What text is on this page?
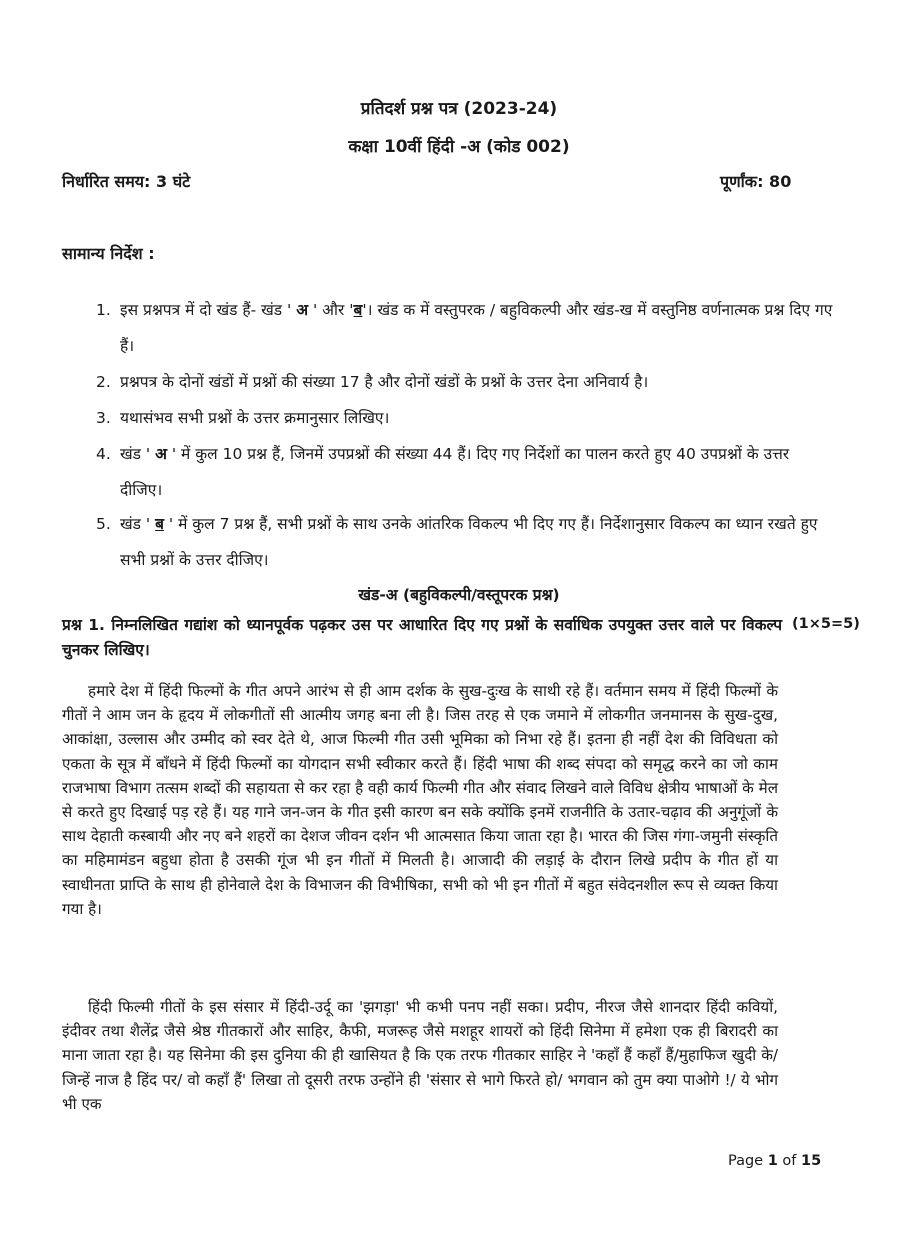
प्रतिदर्श प्रश्न पत्र (2023-24)
कक्षा 10वीं हिंदी -अ (कोड 002)
निर्धारित समय: 3 घंटे	पूर्णांक: 80
सामान्य निर्देश :
1. इस प्रश्नपत्र में दो खंड हैं- खंड ' अ ' और 'ब'। खंड क में वस्तुपरक / बहुविकल्पी और खंड-ख में वस्तुनिष्ठ वर्णनात्मक प्रश्न दिए गए हैं।
2. प्रश्नपत्र के दोनों खंडों में प्रश्नों की संख्या 17 है और दोनों खंडों के प्रश्नों के उत्तर देना अनिवार्य है।
3. यथासंभव सभी प्रश्नों के उत्तर क्रमानुसार लिखिए।
4. खंड ' अ ' में कुल 10 प्रश्न हैं, जिनमें उपप्रश्नों की संख्या 44 हैं। दिए गए निर्देशों का पालन करते हुए 40 उपप्रश्नों के उत्तर दीजिए।
5. खंड ' ब ' में कुल 7 प्रश्न हैं, सभी प्रश्नों के साथ उनके आंतरिक विकल्प भी दिए गए हैं। निर्देशानुसार विकल्प का ध्यान रखते हुए सभी प्रश्नों के उत्तर दीजिए।
खंड-अ (बहुविकल्पी/वस्तूपरक प्रश्न)
प्रश्न 1. निम्नलिखित गद्यांश को ध्यानपूर्वक पढ़कर उस पर आधारित दिए गए प्रश्नों के सर्वाधिक उपयुक्त उत्तर वाले पर विकल्प चुनकर लिखिए।
(1×5=5)
हमारे देश में हिंदी फिल्मों के गीत अपने आरंभ से ही आम दर्शक के सुख-दुःख के साथी रहे हैं। वर्तमान समय में हिंदी फिल्मों के गीतों ने आम जन के हृदय में लोकगीतों सी आत्मीय जगह बना ली है। जिस तरह से एक जमाने में लोकगीत जनमानस के सुख-दुख, आकांक्षा, उल्लास और उम्मीद को स्वर देते थे, आज फिल्मी गीत उसी भूमिका को निभा रहे हैं। इतना ही नहीं देश की विविधता को एकता के सूत्र में बाँधने में हिंदी फिल्मों का योगदान सभी स्वीकार करते हैं। हिंदी भाषा की शब्द संपदा को समृद्ध करने का जो काम राजभाषा विभाग तत्सम शब्दों की सहायता से कर रहा है वही कार्य फिल्मी गीत और संवाद लिखने वाले विविध क्षेत्रीय भाषाओं के मेल से करते हुए दिखाई पड़ रहे हैं। यह गाने जन-जन के गीत इसी कारण बन सके क्योंकि इनमें राजनीति के उतार-चढ़ाव की अनुगूंजों के साथ देहाती कस्बायी और नए बने शहरों का देशज जीवन दर्शन भी आत्मसात किया जाता रहा है। भारत की जिस गंगा-जमुनी संस्कृति का महिमामंडन बहुधा होता है उसकी गूंज भी इन गीतों में मिलती है। आजादी की लड़ाई के दौरान लिखे प्रदीप के गीत हों या स्वाधीनता प्राप्ति के साथ ही होनेवाले देश के विभाजन की विभीषिका, सभी को भी इन गीतों में बहुत संवेदनशील रूप से व्यक्त किया गया है।
हिंदी फिल्मी गीतों के इस संसार में हिंदी-उर्दू का 'झगड़ा' भी कभी पनप नहीं सका। प्रदीप, नीरज जैसे शानदार हिंदी कवियों, इंदीवर तथा शैलेंद्र जैसे श्रेष्ठ गीतकारों और साहिर, कैफी, मजरूह जैसे मशहूर शायरों को हिंदी सिनेमा में हमेशा एक ही बिरादरी का माना जाता रहा है। यह सिनेमा की इस दुनिया की ही खासियत है कि एक तरफ गीतकार साहिर ने 'कहाँ हैं कहाँ हैं/मुहाफिज खुदी के/ जिन्हें नाज है हिंद पर/ वो कहाँ हैं' लिखा तो दूसरी तरफ उन्होंने ही 'संसार से भागे फिरते हो/ भगवान को तुम क्या पाओगे !/ ये भोग भी एक
Page 1 of 15
